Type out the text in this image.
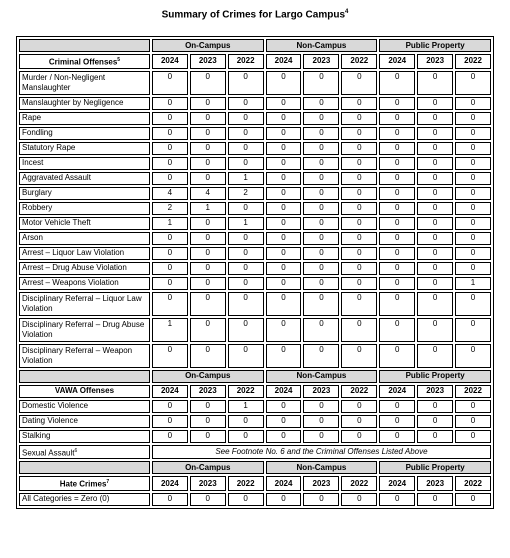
Summary of Crimes for Largo Campus$^4$
	On-Campus			Non-Campus			Public Property		
Criminal Offenses$^5$	2024	2023	2022	2024	2023	2022	2024	2023	2022
Murder / Non-Negligent Manslaughter	0	0	0	0	0	0	0	0	0
Manslaughter by Negligence	0	0	0	0	0	0	0	0	0
Rape	0	0	0	0	0	0	0	0	0
Fondling	0	0	0	0	0	0	0	0	0
Statutory Rape	0	0	0	0	0	0	0	0	0
Incest	0	0	0	0	0	0	0	0	0
Aggravated Assault	0	0	1	0	0	0	0	0	0
Burglary	4	4	2	0	0	0	0	0	0
Robbery	2	1	0	0	0	0	0	0	0
Motor Vehicle Theft	1	0	1	0	0	0	0	0	0
Arson	0	0	0	0	0	0	0	0	0
Arrest – Liquor Law Violation	0	0	0	0	0	0	0	0	0
Arrest – Drug Abuse Violation	0	0	0	0	0	0	0	0	0
Arrest – Weapons Violation	0	0	0	0	0	0	0	0	1
Disciplinary Referral – Liquor Law Violation	0	0	0	0	0	0	0	0	0
Disciplinary Referral – Drug Abuse Violation	1	0	0	0	0	0	0	0	0
Disciplinary Referral – Weapon Violation	0	0	0	0	0	0	0	0	0
	On-Campus			Non-Campus			Public Property		
VAWA Offenses	2024	2023	2022	2024	2023	2022	2024	2023	2022
Domestic Violence	0	0	1	0	0	0	0	0	0
Dating Violence	0	0	0	0	0	0	0	0	0
Stalking	0	0	0	0	0	0	0	0	0
Sexual Assault$^6$	See Footnote No. 6 and the Criminal Offenses Listed Above								
	On-Campus			Non-Campus			Public Property		
Hate Crimes$^7$	2024	2023	2022	2024	2023	2022	2024	2023	2022
All Categories = Zero (0)	0	0	0	0	0	0	0	0	0
